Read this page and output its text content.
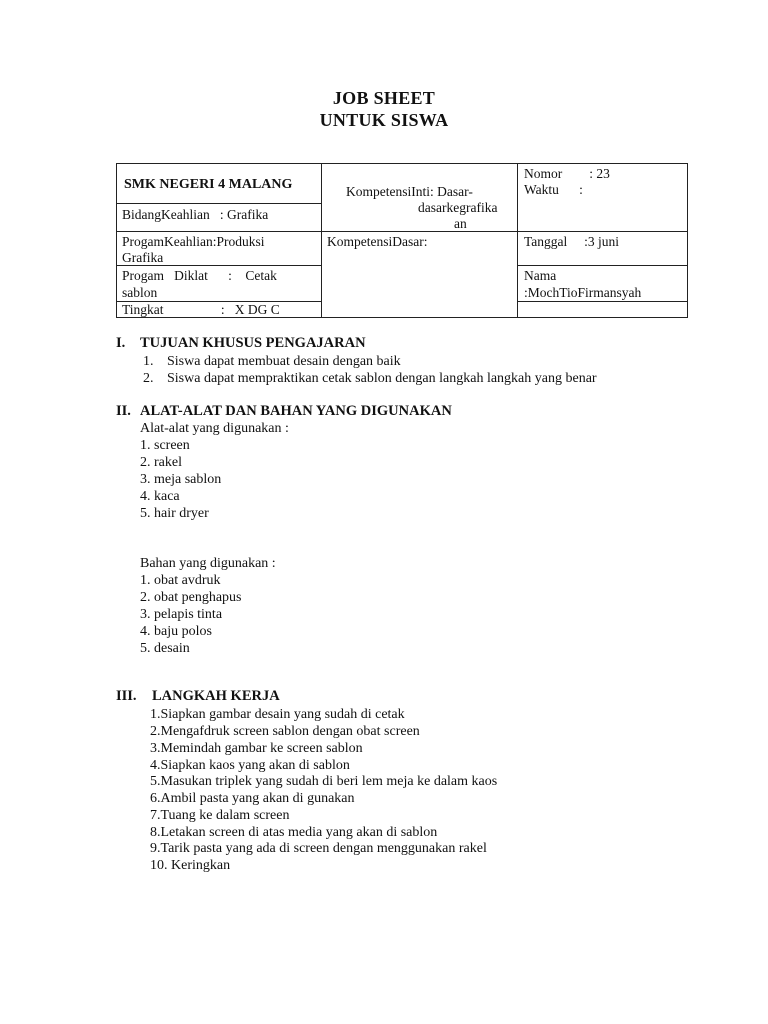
JOB SHEET
UNTUK SISWA
SMK NEGERI 4 MALANG
BidangKeahlian   : Grafika
ProgamKeahlian:Produksi
Grafika
Progam   Diklat      :    Cetak
sablon
Tingkat                 :   X DG C
KompetensiInti: Dasar-
dasarkegrafika
an
KompetensiDasar:
Nomor        : 23
Waktu      :
Tanggal     :3 juni
Nama
:MochTioFirmansyah
I. TUJUAN KHUSUS PENGAJARAN
1. Siswa dapat membuat desain dengan baik
2. Siswa dapat mempraktikan cetak sablon dengan langkah langkah yang benar
II. ALAT-ALAT DAN BAHAN YANG DIGUNAKAN
Alat-alat yang digunakan :
1. screen
2. rakel
3. meja sablon
4. kaca
5. hair dryer
Bahan yang digunakan :
1. obat avdruk
2. obat penghapus
3. pelapis tinta
4. baju polos
5. desain
III. LANGKAH KERJA
1.Siapkan gambar desain yang sudah di cetak
2.Mengafdruk screen sablon dengan obat screen
3.Memindah gambar ke screen sablon
4.Siapkan kaos yang akan di sablon
5.Masukan triplek yang sudah di beri lem meja ke dalam kaos
6.Ambil pasta yang akan di gunakan
7.Tuang ke dalam screen
8.Letakan screen di atas media yang akan di sablon
9.Tarik pasta yang ada di screen dengan menggunakan rakel
10. Keringkan
